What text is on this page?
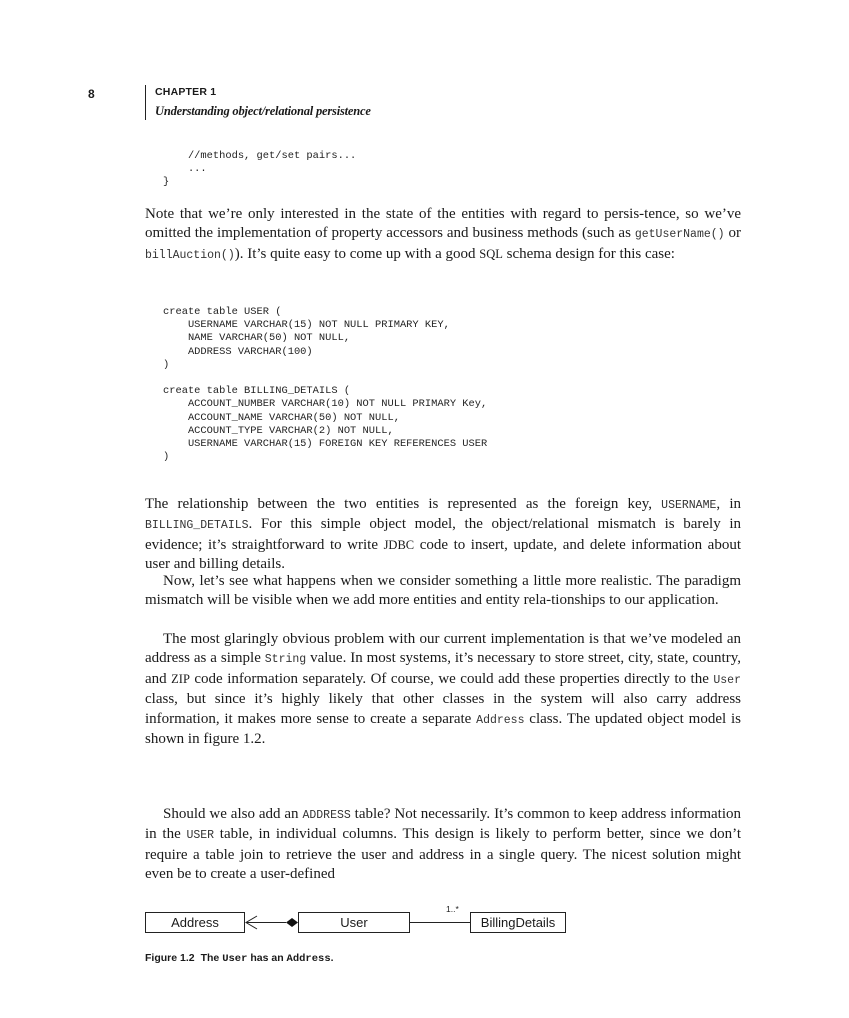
8	CHAPTER 1
Understanding object/relational persistence
//methods, get/set pairs...
...
}

Note that we’re only interested in the state of the entities with regard to persis-tence, so we’ve omitted the implementation of property accessors and business methods (such as getUserName() or billAuction()). It’s quite easy to come up with a good SQL schema design for this case:

create table USER (
USERNAME VARCHAR(15) NOT NULL PRIMARY KEY,
NAME VARCHAR(50) NOT NULL,
ADDRESS VARCHAR(100)
)

create table BILLING_DETAILS (
ACCOUNT_NUMBER VARCHAR(10) NOT NULL PRIMARY Key,
ACCOUNT_NAME VARCHAR(50) NOT NULL,
ACCOUNT_TYPE VARCHAR(2) NOT NULL,
USERNAME VARCHAR(15) FOREIGN KEY REFERENCES USER
)

The relationship between the two entities is represented as the foreign key, USERNAME, in BILLING_DETAILS. For this simple object model, the object/relational mismatch is barely in evidence; it’s straightforward to write JDBC code to insert, update, and delete information about user and billing details.

Now, let’s see what happens when we consider something a little more realistic. The paradigm mismatch will be visible when we add more entities and entity rela-tionships to our application.

The most glaringly obvious problem with our current implementation is that we’ve modeled an address as a simple String value. In most systems, it’s necessary to store street, city, state, country, and ZIP code information separately. Of course, we could add these properties directly to the User class, but since it’s highly likely that other classes in the system will also carry address information, it makes more sense to create a separate Address class. The updated object model is shown in figure 1.2.

Should we also add an ADDRESS table? Not necessarily. It’s common to keep address information in the USER table, in individual columns. This design is likely to perform better, since we don’t require a table join to retrieve the user and address in a single query. The nicest solution might even be to create a user-defined

Address	User	BillingDetails
1..*
Figure 1.2 The User has an Address.
